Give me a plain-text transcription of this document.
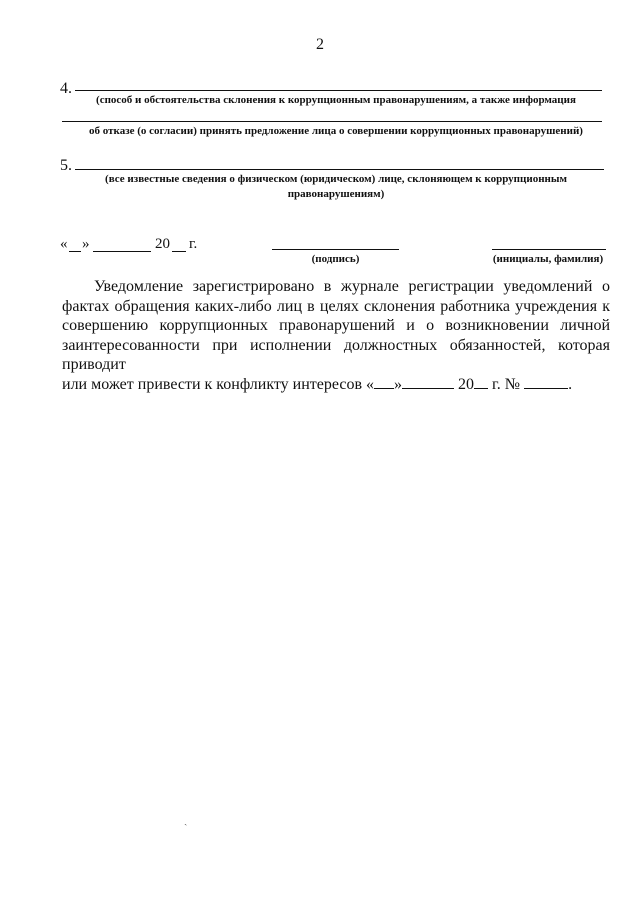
2
4.
(способ и обстоятельства склонения к коррупционным правонарушениям, а также информация
об отказе (о согласии) принять предложение лица о совершении коррупционных правонарушений)
5.
(все известные сведения о физическом (юридическом) лице, склоняющем к коррупционным
правонарушениям)
« »	20 г.
(подпись)	(инициалы, фамилия)
Уведомление зарегистрировано в журнале регистрации уведомлений о фактах обращения каких-либо лиц в целях склонения работника учреждения к совершению коррупционных правонарушений и о возникновении личной заинтересованности при исполнении должностных обязанностей, которая приводит
или может привести к конфликту интересов « »	20 г. №	.
ˎ
